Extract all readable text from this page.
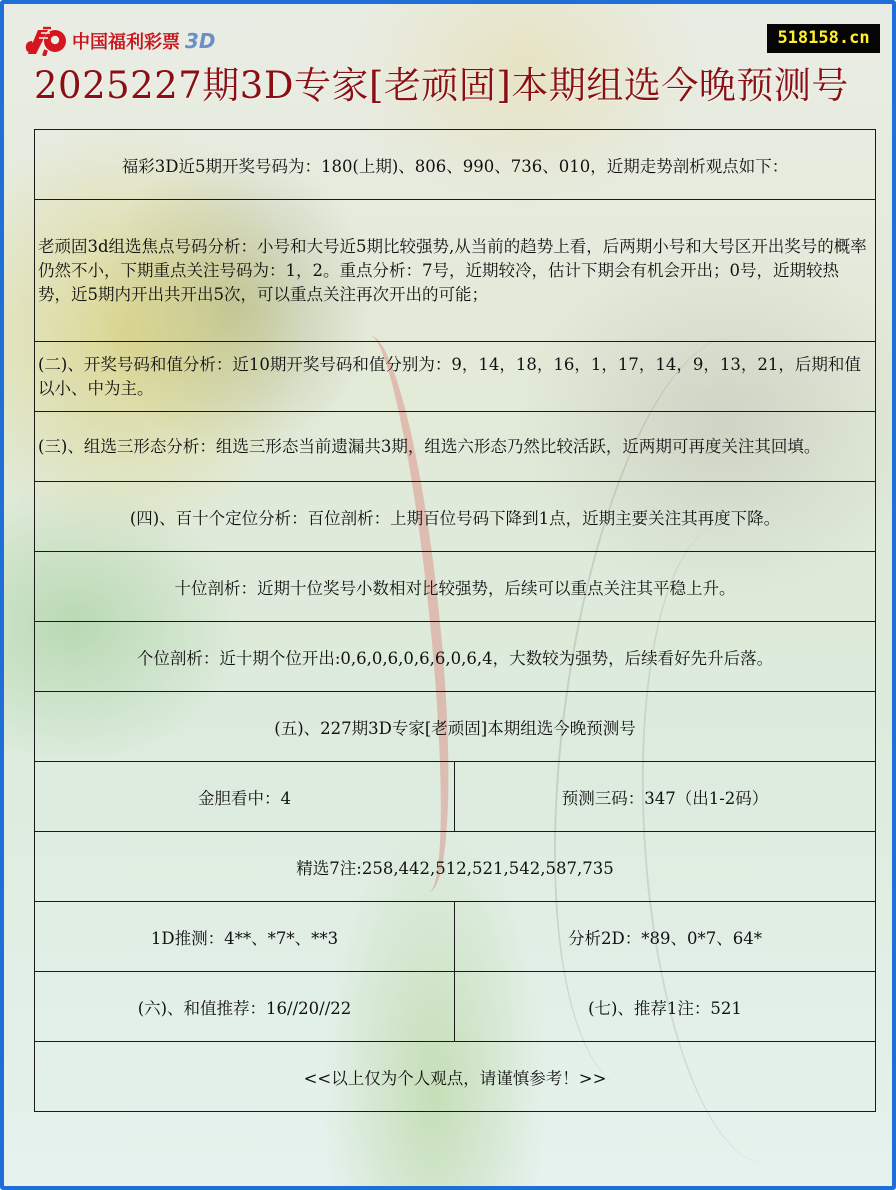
中国福利彩票 3D	518158.cn
2025227期3D专家[老顽固]本期组选今晚预测号
福彩3D近5期开奖号码为：180(上期)、806、990、736、010，近期走势剖析观点如下：	
老顽固3d组选焦点号码分析：小号和大号近5期比较强势,从当前的趋势上看，后两期小号和大号区开出奖号的概率仍然不小，下期重点关注号码为：1，2。重点分析：7号，近期较冷，估计下期会有机会开出；0号，近期较热势，近5期内开出共开出5次，可以重点关注再次开出的可能；	
(二)、开奖号码和值分析：近10期开奖号码和值分别为：9，14，18，16，1，17，14，9，13，21，后期和值以小、中为主。	
(三)、组选三形态分析：组选三形态当前遗漏共3期，组选六形态乃然比较活跃，近两期可再度关注其回填。	
(四)、百十个定位分析：百位剖析：上期百位号码下降到1点，近期主要关注其再度下降。	
十位剖析：近期十位奖号小数相对比较强势，后续可以重点关注其平稳上升。	
个位剖析：近十期个位开出:0,6,0,6,0,6,6,0,6,4，大数较为强势，后续看好先升后落。	
(五)、227期3D专家[老顽固]本期组选今晚预测号	
金胆看中：4	预测三码：347（出1-2码）
精选7注:258,442,512,521,542,587,735	
1D推测：4**、*7*、**3	分析2D：*89、0*7、64*
(六)、和值推荐：16//20//22	(七)、推荐1注：521
<<以上仅为个人观点，请谨慎参考！>>	
